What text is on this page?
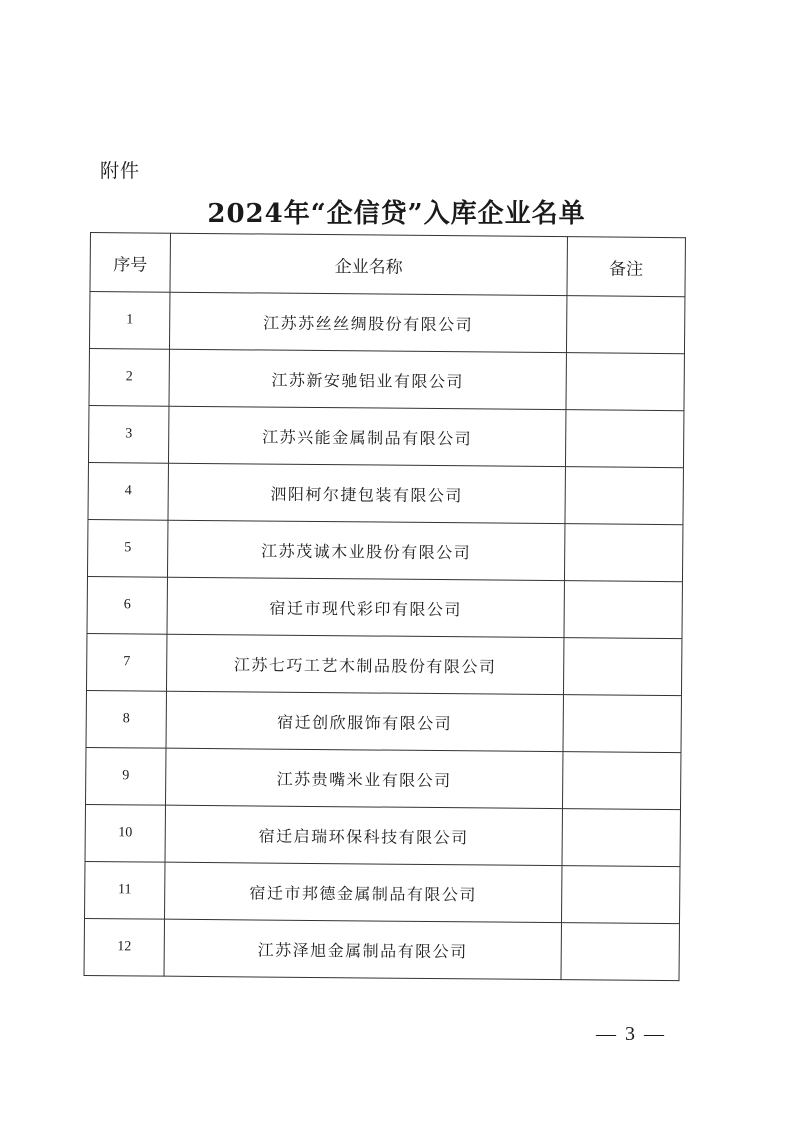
附件
2024年“企信贷”入库企业名单
序号	企业名称	备注
1	江苏苏丝丝绸股份有限公司	
2	江苏新安驰铝业有限公司	
3	江苏兴能金属制品有限公司	
4	泗阳柯尔捷包装有限公司	
5	江苏茂诚木业股份有限公司	
6	宿迁市现代彩印有限公司	
7	江苏七巧工艺木制品股份有限公司	
8	宿迁创欣服饰有限公司	
9	江苏贵嘴米业有限公司	
10	宿迁启瑞环保科技有限公司	
11	宿迁市邦德金属制品有限公司	
12	江苏泽旭金属制品有限公司	
— 3 —
